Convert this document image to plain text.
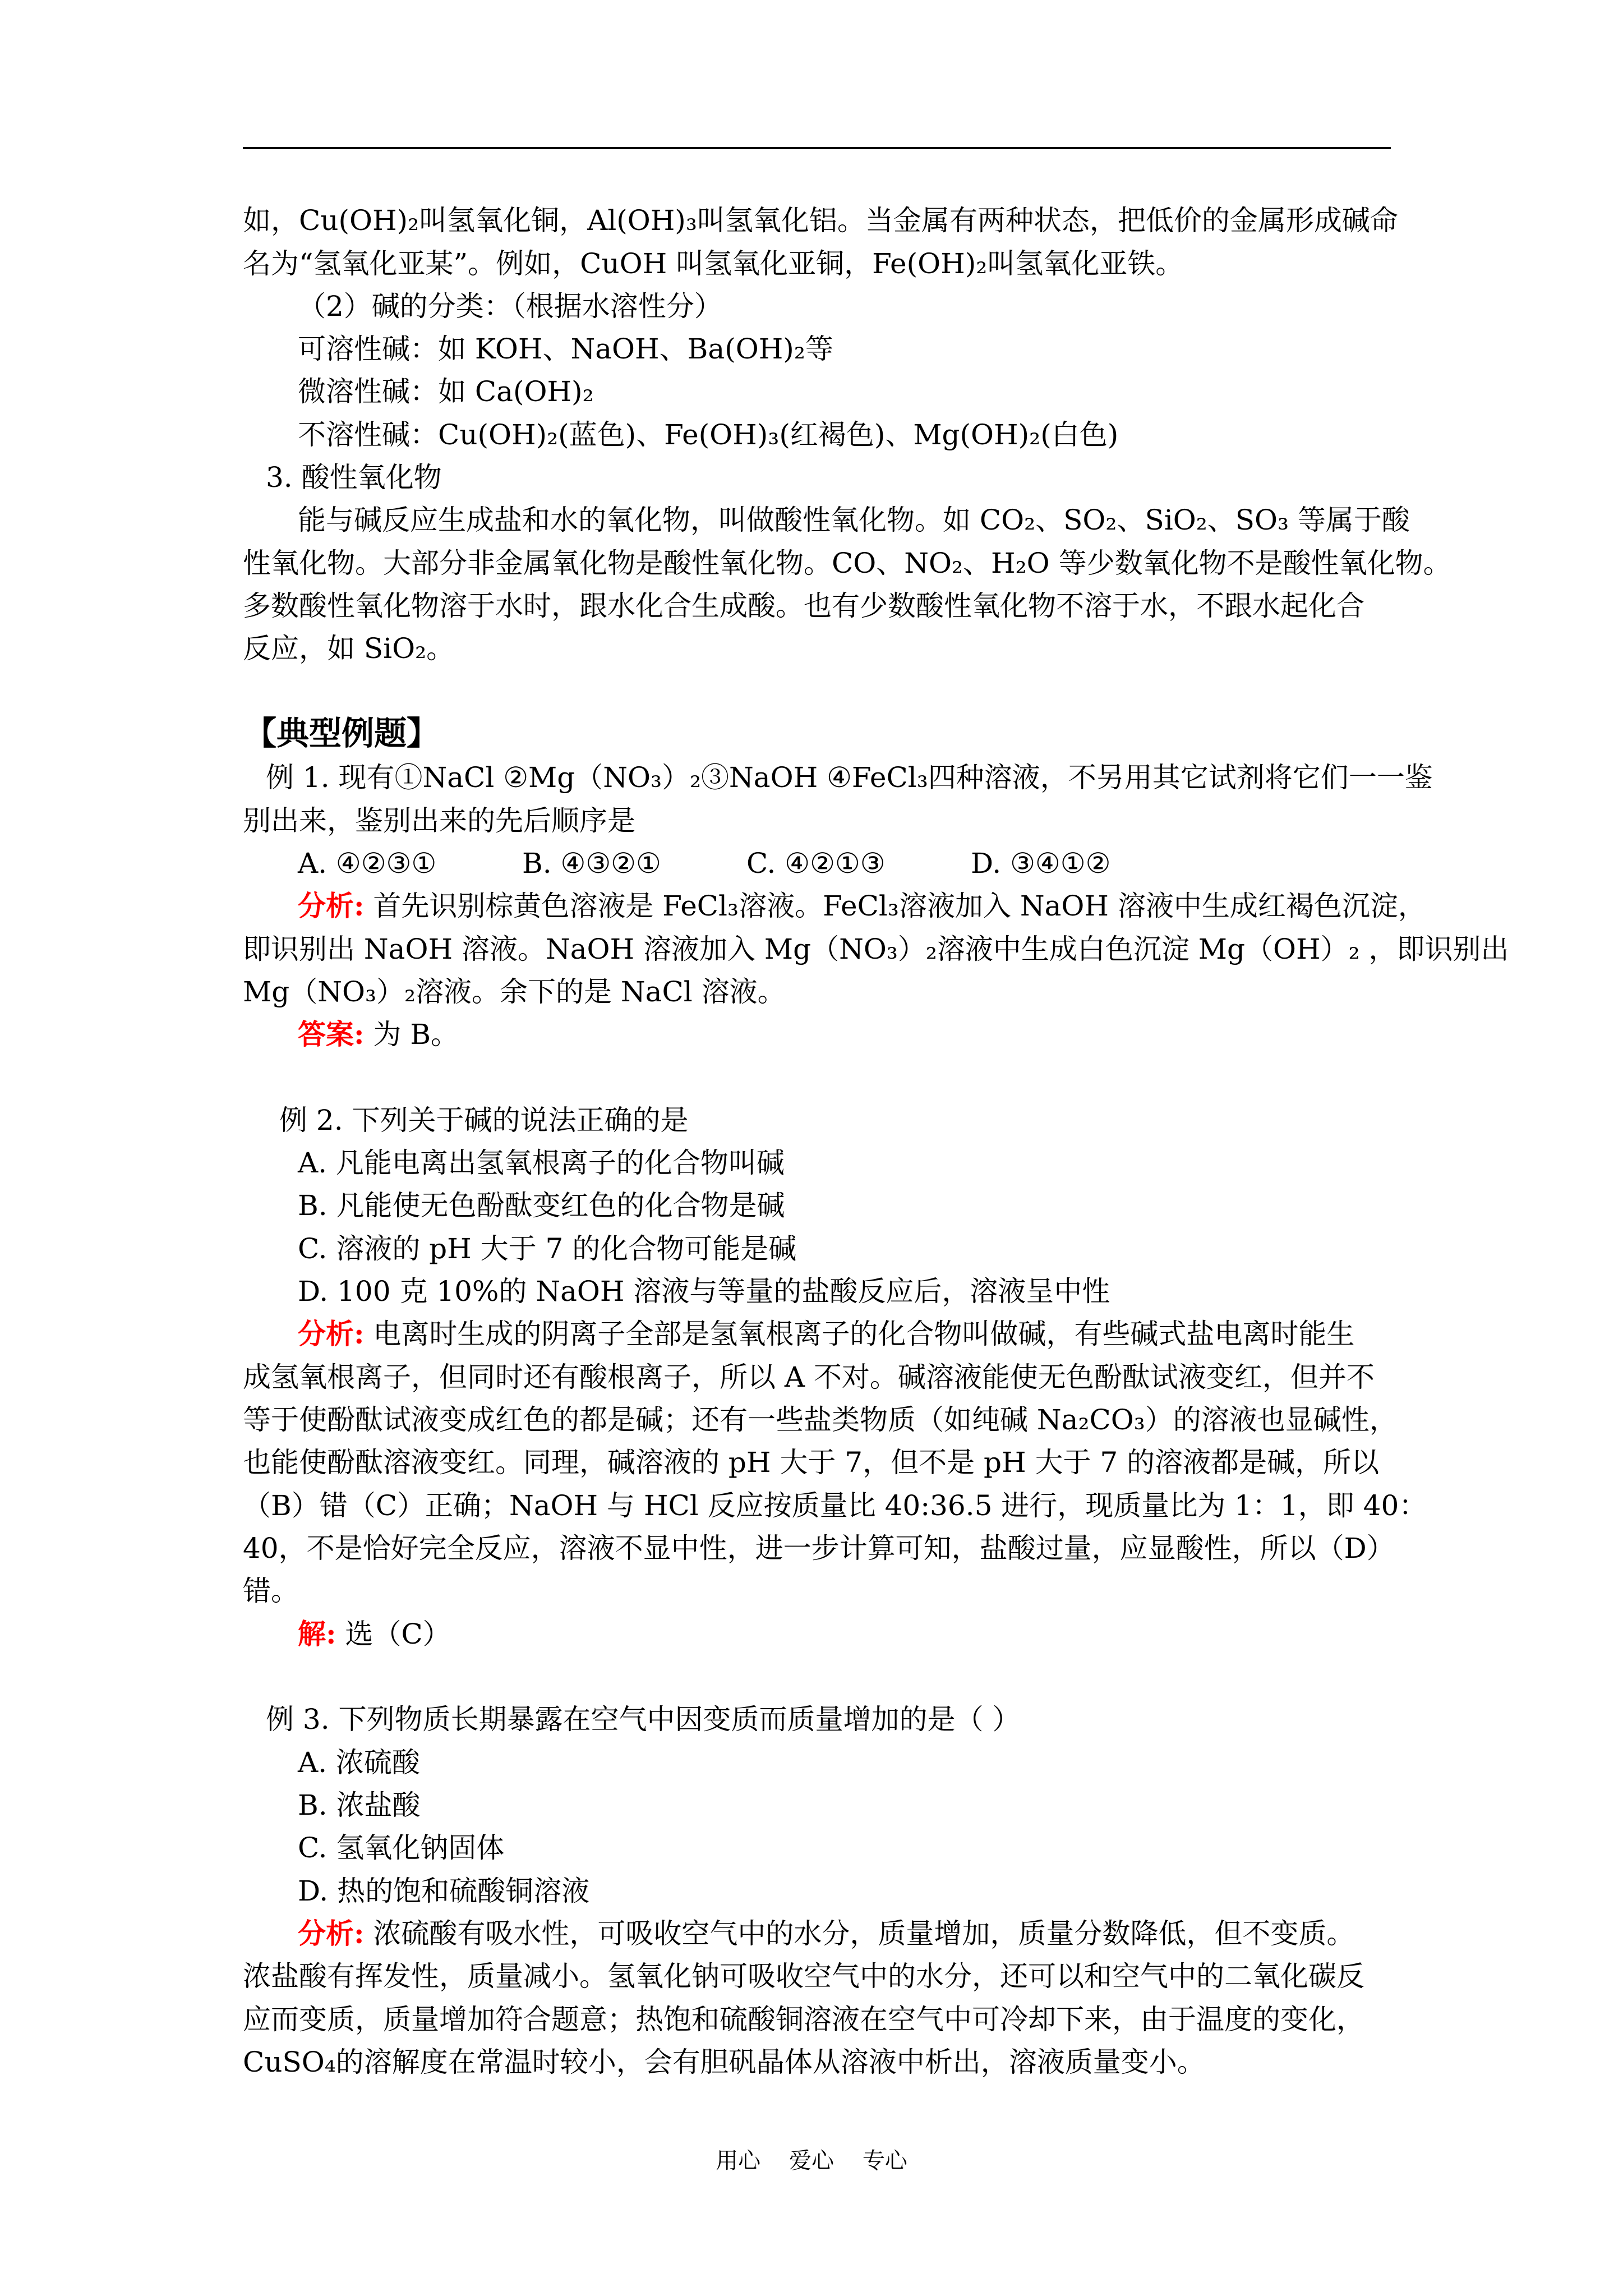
如，Cu(OH)₂叫氢氧化铜，Al(OH)₃叫氢氧化铝。当金属有两种状态，把低价的金属形成碱命
名为“氢氧化亚某”。例如，CuOH 叫氢氧化亚铜，Fe(OH)₂叫氢氧化亚铁。
（2）碱的分类：（根据水溶性分）
可溶性碱：如 KOH、NaOH、Ba(OH)₂等
微溶性碱：如 Ca(OH)₂
不溶性碱：Cu(OH)₂(蓝色)、Fe(OH)₃(红褐色)、Mg(OH)₂(白色)
3. 酸性氧化物
能与碱反应生成盐和水的氧化物，叫做酸性氧化物。如 CO₂、SO₂、SiO₂、SO₃ 等属于酸
性氧化物。大部分非金属氧化物是酸性氧化物。CO、NO₂、H₂O 等少数氧化物不是酸性氧化物。
多数酸性氧化物溶于水时，跟水化合生成酸。也有少数酸性氧化物不溶于水，不跟水起化合
反应，如 SiO₂。
【典型例题】
例 1. 现有①NaCl ②Mg（NO₃）₂③NaOH ④FeCl₃四种溶液，不另用其它试剂将它们一一鉴
别出来，鉴别出来的先后顺序是
A. ④②③①	B. ④③②①	C. ④②①③	D. ③④①②
分析: 首先识别棕黄色溶液是 FeCl₃溶液。FeCl₃溶液加入 NaOH 溶液中生成红褐色沉淀，
即识别出 NaOH 溶液。NaOH 溶液加入 Mg（NO₃）₂溶液中生成白色沉淀 Mg（OH）₂ ，即识别出
Mg（NO₃）₂溶液。余下的是 NaCl 溶液。
答案: 为 B。
例 2. 下列关于碱的说法正确的是
A. 凡能电离出氢氧根离子的化合物叫碱
B. 凡能使无色酚酞变红色的化合物是碱
C. 溶液的 pH 大于 7 的化合物可能是碱
D. 100 克 10%的 NaOH 溶液与等量的盐酸反应后，溶液呈中性
分析: 电离时生成的阴离子全部是氢氧根离子的化合物叫做碱，有些碱式盐电离时能生
成氢氧根离子，但同时还有酸根离子，所以 A 不对。碱溶液能使无色酚酞试液变红，但并不
等于使酚酞试液变成红色的都是碱；还有一些盐类物质（如纯碱 Na₂CO₃）的溶液也显碱性，
也能使酚酞溶液变红。同理，碱溶液的 pH 大于 7，但不是 pH 大于 7 的溶液都是碱，所以
（B）错（C）正确；NaOH 与 HCl 反应按质量比 40:36.5 进行，现质量比为 1：1，即 40：
40，不是恰好完全反应，溶液不显中性，进一步计算可知，盐酸过量，应显酸性，所以（D）
错。
解: 选（C）
例 3. 下列物质长期暴露在空气中因变质而质量增加的是（ ）
A. 浓硫酸
B. 浓盐酸
C. 氢氧化钠固体
D. 热的饱和硫酸铜溶液
分析: 浓硫酸有吸水性，可吸收空气中的水分，质量增加，质量分数降低，但不变质。
浓盐酸有挥发性，质量减小。氢氧化钠可吸收空气中的水分，还可以和空气中的二氧化碳反
应而变质，质量增加符合题意；热饱和硫酸铜溶液在空气中可冷却下来，由于温度的变化，
CuSO₄的溶解度在常温时较小，会有胆矾晶体从溶液中析出，溶液质量变小。
用心    爱心    专心
